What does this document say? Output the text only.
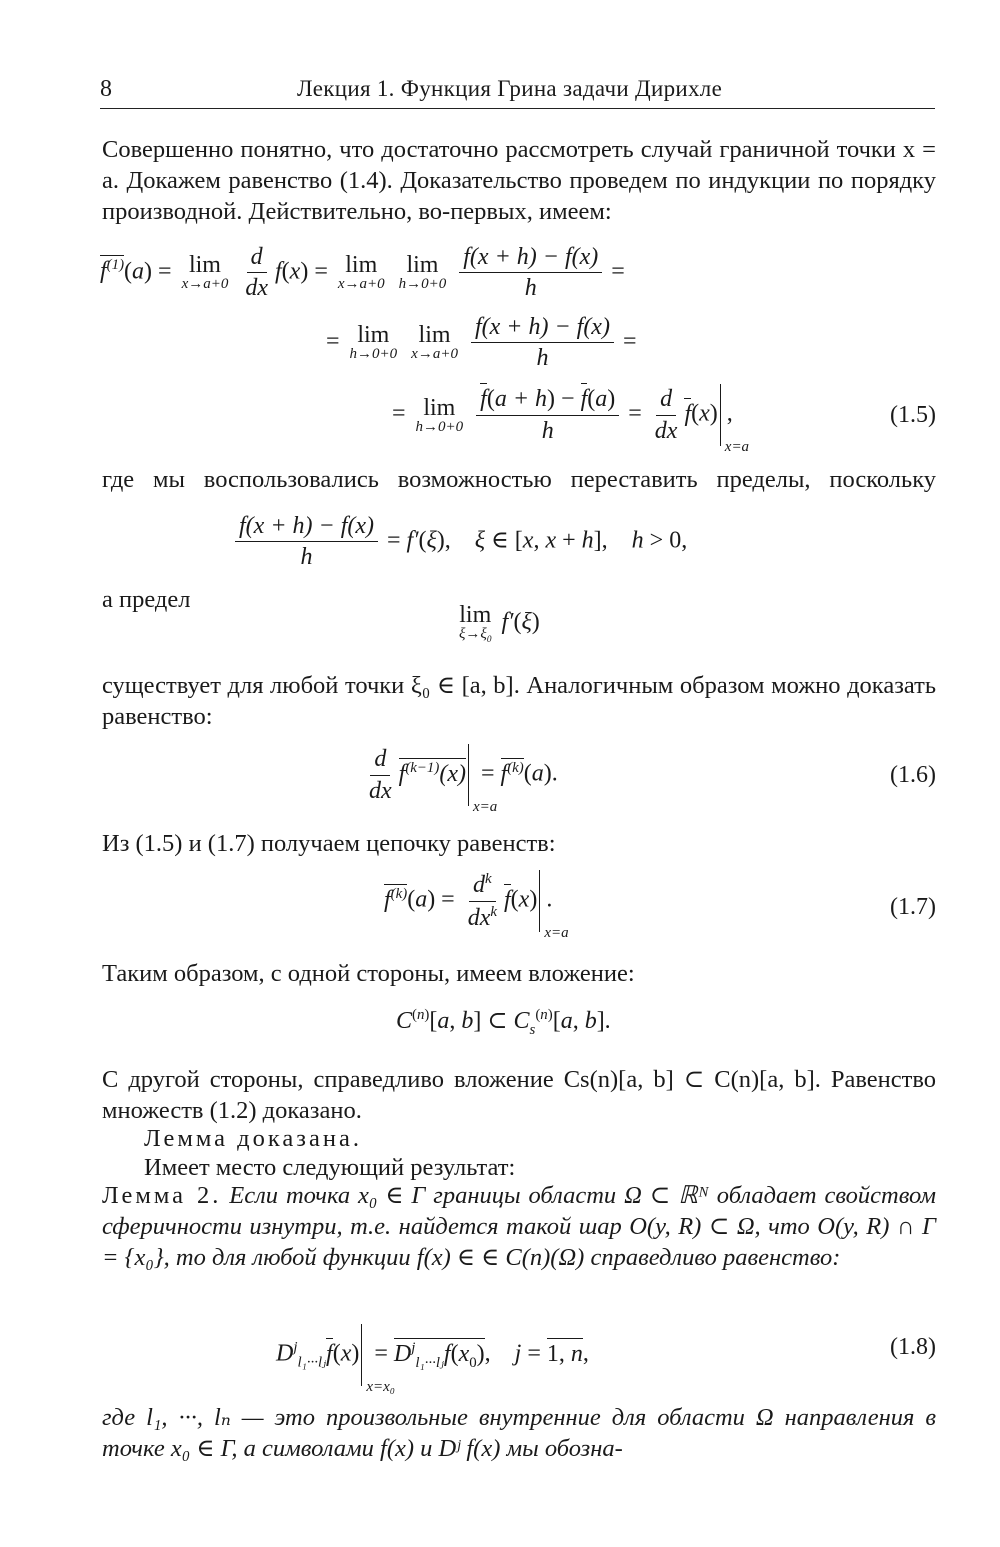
8	Лекция 1. Функция Грина задачи Дирихле
Совершенно понятно, что достаточно рассмотреть случай граничной точки x = a. Докажем равенство (1.4). Доказательство проведем по индукции по порядку производной. Действительно, во-первых, имеем:
$f^{(1)}(a) = \lim$
x→a+0
$\frac{d}{dx} f(x) = \lim$
x→a+0

lim
h→0+0
$\frac{f(x + h) - f(x)}{h}$ =
= lim
h→0+0

lim
x→a+0
$\frac{f(x + h) - f(x)}{h}$ =
= lim
h→0+0
$\frac{f(a + h) - f(a)}{h} = \frac{d}{dx} f(x)$
x=a
,	(1.5)
где мы воспользовались возможностью переставить пределы, поскольку
$\frac{f(x + h) - f(x)}{h} = f'(\xi)$,    ξ ∈ [x, x + h],    h > 0,
а предел
lim
$\xi\to\xi_0$
f′(ξ)
существует для любой точки ξ₀ ∈ [a, b]. Аналогичным образом можно доказать равенство:
$\frac{d}{dx} f^{(k-1)}(x)$
x=a
= $f^{(k)}(a)$.	(1.6)
Из (1.5) и (1.7) получаем цепочку равенств:
$f^{(k)}(a) = \frac{d^k}{dx^k} f(x)$
x=a
.	(1.7)
Таким образом, с одной стороны, имеем вложение:
$C^{(n)}[a$, b] ⊂ $C_s^{(n)}[a$, b].
С другой стороны, справедливо вложение Cs(n)[a, b] ⊂ C(n)[a, b]. Равенство множеств (1.2) доказано.
Лемма доказана.
Имеет место следующий результат:
Лемма 2. Если точка x₀ ∈ Γ границы области Ω ⊂ ℝᴺ обладает свойством сферичности изнутри, т.е. найдется такой шар O(y, R) ⊂ Ω, что O(y, R) ∩ Γ = {x₀}, то для любой функции f(x) ∈ ∈ C(n)(Ω) справедливо равенство:
$D^j_{l_1\cdot\cdot\cdot lⱼ}f(x)$
x=x₀
= $D^j_{l_1\cdot\cdot\cdot lⱼ}f(x_0)$,    j = 1, n,	(1.8)
где l₁, ···, lₙ — это произвольные внутренние для области Ω направления в точке x₀ ∈ Γ, а символами f(x) и Dʲ f(x) мы обозна-
